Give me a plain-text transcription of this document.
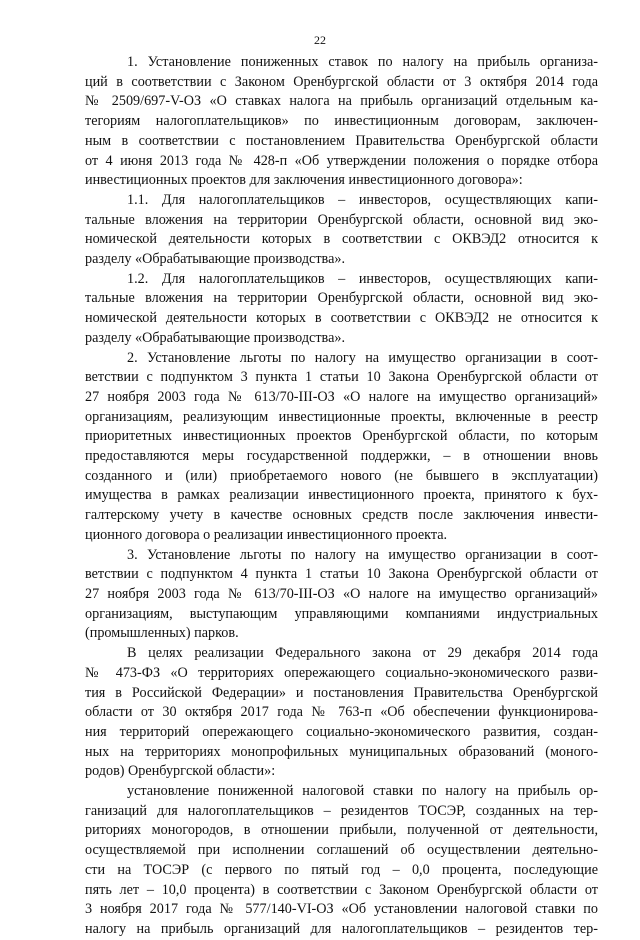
22
1. Установление пониженных ставок по налогу на прибыль организа-
ций в соответствии с Законом Оренбургской области от 3 октября 2014 года
№ 2509/697-V-ОЗ «О ставках налога на прибыль организаций отдельным ка-
тегориям налогоплательщиков» по инвестиционным договорам, заключен-
ным в соответствии с постановлением Правительства Оренбургской области
от 4 июня 2013 года № 428-п «Об утверждении положения о порядке отбора
инвестиционных проектов для заключения инвестиционного договора»:
1.1. Для налогоплательщиков – инвесторов, осуществляющих капи-
тальные вложения на территории Оренбургской области, основной вид эко-
номической деятельности которых в соответствии с ОКВЭД2 относится к
разделу «Обрабатывающие производства».
1.2. Для налогоплательщиков – инвесторов, осуществляющих капи-
тальные вложения на территории Оренбургской области, основной вид эко-
номической деятельности которых в соответствии с ОКВЭД2 не относится к
разделу «Обрабатывающие производства».
2. Установление льготы по налогу на имущество организации в соот-
ветствии с подпунктом 3 пункта 1 статьи 10 Закона Оренбургской области от
27 ноября 2003 года № 613/70-III-ОЗ «О налоге на имущество организаций»
организациям, реализующим инвестиционные проекты, включенные в реестр
приоритетных инвестиционных проектов Оренбургской области, по которым
предоставляются меры государственной поддержки, – в отношении вновь
созданного и (или) приобретаемого нового (не бывшего в эксплуатации)
имущества в рамках реализации инвестиционного проекта, принятого к бух-
галтерскому учету в качестве основных средств после заключения инвести-
ционного договора о реализации инвестиционного проекта.
3. Установление льготы по налогу на имущество организации в соот-
ветствии с подпунктом 4 пункта 1 статьи 10 Закона Оренбургской области от
27 ноября 2003 года № 613/70-III-ОЗ «О налоге на имущество организаций»
организациям, выступающим управляющими компаниями индустриальных
(промышленных) парков.
В целях реализации Федерального закона от 29 декабря 2014 года
№ 473-ФЗ «О территориях опережающего социально-экономического разви-
тия в Российской Федерации» и постановления Правительства Оренбургской
области от 30 октября 2017 года № 763-п «Об обеспечении функционирова-
ния территорий опережающего социально-экономического развития, создан-
ных на территориях монопрофильных муниципальных образований (моного-
родов) Оренбургской области»:
установление пониженной налоговой ставки по налогу на прибыль ор-
ганизаций для налогоплательщиков – резидентов ТОСЭР, созданных на тер-
риториях моногородов, в отношении прибыли, полученной от деятельности,
осуществляемой при исполнении соглашений об осуществлении деятельно-
сти на ТОСЭР (с первого по пятый год – 0,0 процента, последующие
пять лет – 10,0 процента) в соответствии с Законом Оренбургской области от
3 ноября 2017 года № 577/140-VI-ОЗ «Об установлении налоговой ставки по
налогу на прибыль организаций для налогоплательщиков – резидентов тер-
